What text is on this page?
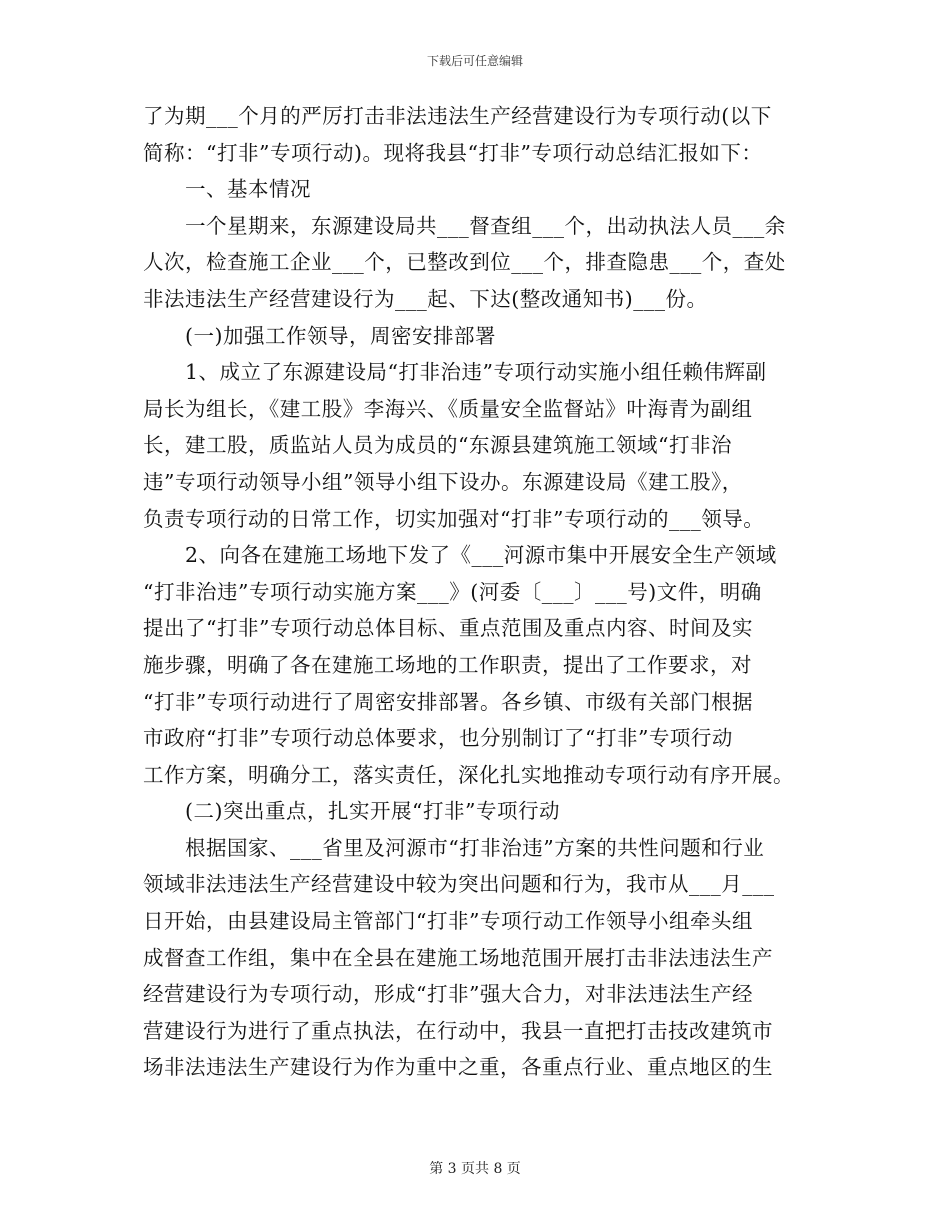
下载后可任意编辑
了为期___个月的严厉打击非法违法生产经营建设行为专项行动(以下
简称：“打非”专项行动)。现将我县“打非”专项行动总结汇报如下：
一、基本情况
一个星期来，东源建设局共___督查组___个，出动执法人员___余
人次，检查施工企业___个，已整改到位___个，排查隐患___个，查处
非法违法生产经营建设行为___起、下达(整改通知书)___份。
(一)加强工作领导，周密安排部署
1、成立了东源建设局“打非治违”专项行动实施小组任赖伟辉副
局长为组长，《建工股》李海兴、《质量安全监督站》叶海青为副组
长，建工股，质监站人员为成员的“东源县建筑施工领域“打非治
违”专项行动领导小组”领导小组下设办。东源建设局《建工股》，
负责专项行动的日常工作，切实加强对“打非”专项行动的___领导。
2、向各在建施工场地下发了《___河源市集中开展安全生产领域
“打非治违”专项行动实施方案___》(河委〔___〕___号)文件，明确
提出了“打非”专项行动总体目标、重点范围及重点内容、时间及实
施步骤，明确了各在建施工场地的工作职责，提出了工作要求，对
“打非”专项行动进行了周密安排部署。各乡镇、市级有关部门根据
市政府“打非”专项行动总体要求，也分别制订了“打非”专项行动
工作方案，明确分工，落实责任，深化扎实地推动专项行动有序开展。
(二)突出重点，扎实开展“打非”专项行动
根据国家、___省里及河源市“打非治违”方案的共性问题和行业
领域非法违法生产经营建设中较为突出问题和行为，我市从___月___
日开始，由县建设局主管部门“打非”专项行动工作领导小组牵头组
成督查工作组，集中在全县在建施工场地范围开展打击非法违法生产
经营建设行为专项行动，形成“打非”强大合力，对非法违法生产经
营建设行为进行了重点执法，在行动中，我县一直把打击技改建筑市
场非法违法生产建设行为作为重中之重，各重点行业、重点地区的生
第 3 页共 8 页
